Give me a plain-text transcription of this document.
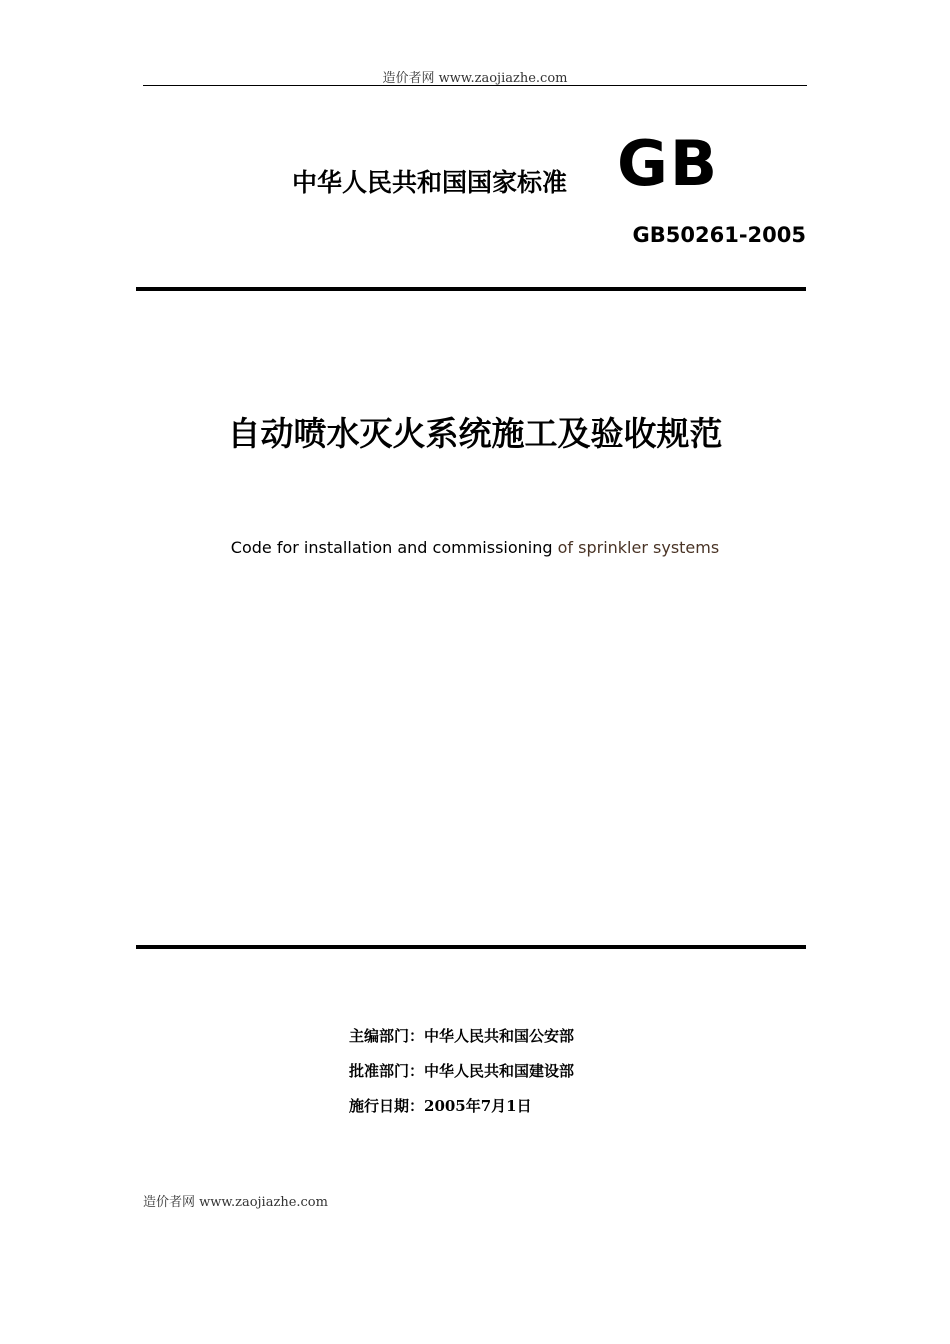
造价者网 www.zaojiazhe.com
中华人民共和国国家标准 GB
GB50261-2005
自动喷水灭火系统施工及验收规范
Code for installation and commissioning of sprinkler systems
主编部门：中华人民共和国公安部
批准部门：中华人民共和国建设部
施行日期：2005年7月1日
造价者网 www.zaojiazhe.com
